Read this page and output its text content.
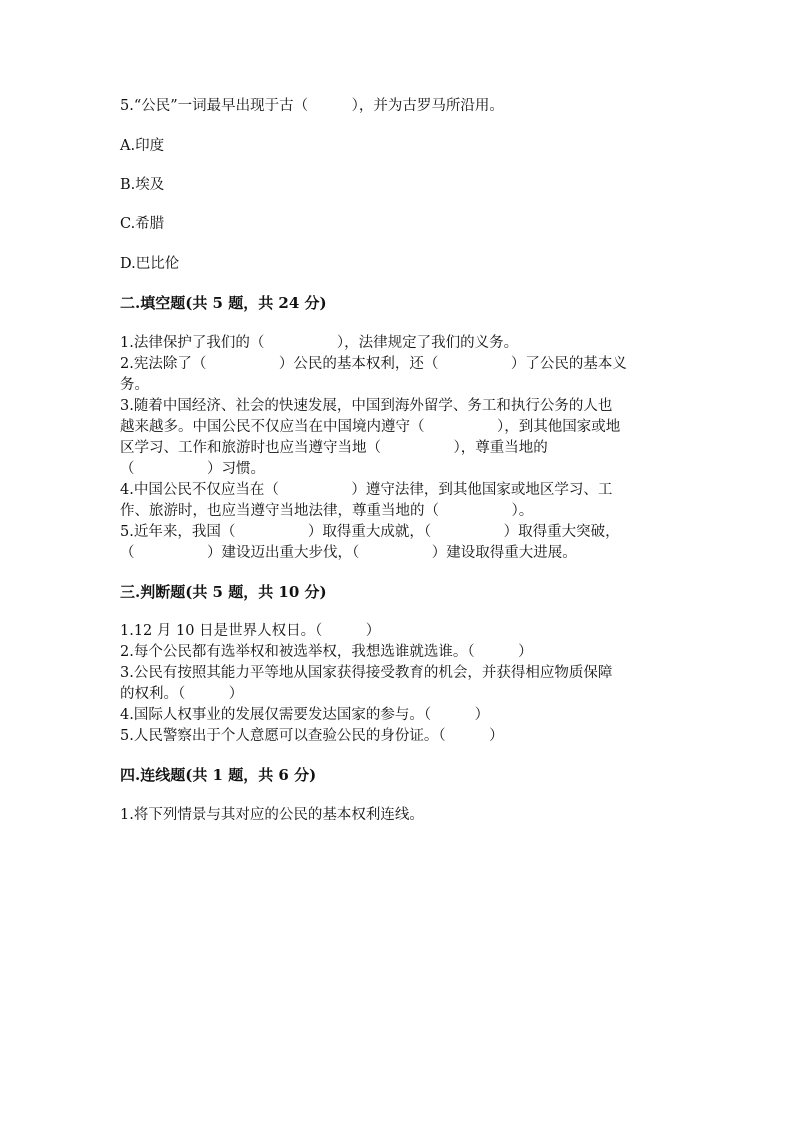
5.“公民”一词最早出现于古（　　　），并为古罗马所沿用。
A.印度
B.埃及
C.希腊
D.巴比伦
二.填空题(共 5 题，共 24 分)
1.法律保护了我们的（　　　　　），法律规定了我们的义务。
2.宪法除了（　　　　　）公民的基本权利，还（　　　　　）了公民的基本义
务。
3.随着中国经济、社会的快速发展，中国到海外留学、务工和执行公务的人也
越来越多。中国公民不仅应当在中国境内遵守（　　　　　），到其他国家或地
区学习、工作和旅游时也应当遵守当地（　　　　　），尊重当地的
（　　　　　）习惯。
4.中国公民不仅应当在（　　　　　）遵守法律，到其他国家或地区学习、工
作、旅游时，也应当遵守当地法律，尊重当地的（　　　　　）。
5.近年来，我国（　　　　　）取得重大成就，（　　　　　）取得重大突破，
（　　　　　）建设迈出重大步伐，（　　　　　）建设取得重大进展。
三.判断题(共 5 题，共 10 分)
1.12 月 10 日是世界人权日。（　　　）
2.每个公民都有选举权和被选举权，我想选谁就选谁。（　　　）
3.公民有按照其能力平等地从国家获得接受教育的机会，并获得相应物质保障
的权利。（　　　）
4.国际人权事业的发展仅需要发达国家的参与。（　　　）
5.人民警察出于个人意愿可以查验公民的身份证。（　　　）
四.连线题(共 1 题，共 6 分)
1.将下列情景与其对应的公民的基本权利连线。
